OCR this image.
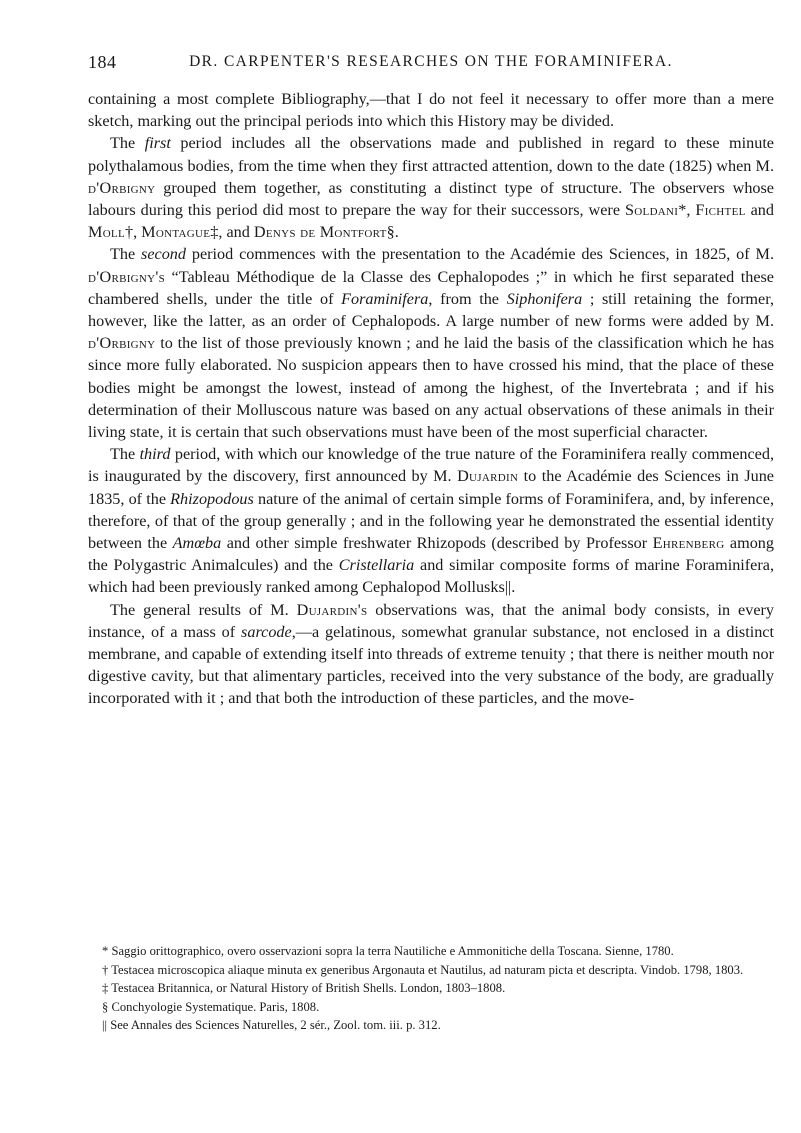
184	DR. CARPENTER'S RESEARCHES ON THE FORAMINIFERA.

containing a most complete Bibliography,—that I do not feel it necessary to offer more than a mere sketch, marking out the principal periods into which this History may be divided.

The first period includes all the observations made and published in regard to these minute polythalamous bodies, from the time when they first attracted attention, down to the date (1825) when M. d'Orbigny grouped them together, as constituting a distinct type of structure. The observers whose labours during this period did most to prepare the way for their successors, were Soldani*, Fichtel and Moll†, Montague‡, and Denys de Montfort§.

The second period commences with the presentation to the Académie des Sciences, in 1825, of M. d'Orbigny's “Tableau Méthodique de la Classe des Cephalopodes ;” in which he first separated these chambered shells, under the title of Foraminifera, from the Siphonifera ; still retaining the former, however, like the latter, as an order of Cephalopods. A large number of new forms were added by M. d'Orbigny to the list of those previously known ; and he laid the basis of the classification which he has since more fully elaborated. No suspicion appears then to have crossed his mind, that the place of these bodies might be amongst the lowest, instead of among the highest, of the Invertebrata ; and if his determination of their Molluscous nature was based on any actual observations of these animals in their living state, it is certain that such observations must have been of the most superficial character.

The third period, with which our knowledge of the true nature of the Foraminifera really commenced, is inaugurated by the discovery, first announced by M. Dujardin to the Académie des Sciences in June 1835, of the Rhizopodous nature of the animal of certain simple forms of Foraminifera, and, by inference, therefore, of that of the group generally ; and in the following year he demonstrated the essential identity between the Amœba and other simple freshwater Rhizopods (described by Professor Ehrenberg among the Polygastric Animalcules) and the Cristellaria and similar composite forms of marine Foraminifera, which had been previously ranked among Cephalopod Mollusks||.

The general results of M. Dujardin's observations was, that the animal body consists, in every instance, of a mass of sarcode,—a gelatinous, somewhat granular substance, not enclosed in a distinct membrane, and capable of extending itself into threads of extreme tenuity ; that there is neither mouth nor digestive cavity, but that alimentary particles, received into the very substance of the body, are gradually incorporated with it ; and that both the introduction of these particles, and the move-

* Saggio orittographico, overo osservazioni sopra la terra Nautiliche e Ammonitiche della Toscana. Sienne, 1780.

† Testacea microscopica aliaque minuta ex generibus Argonauta et Nautilus, ad naturam picta et descripta. Vindob. 1798, 1803.

‡ Testacea Britannica, or Natural History of British Shells. London, 1803–1808.

§ Conchyologie Systematique. Paris, 1808.

|| See Annales des Sciences Naturelles, 2 sér., Zool. tom. iii. p. 312.
